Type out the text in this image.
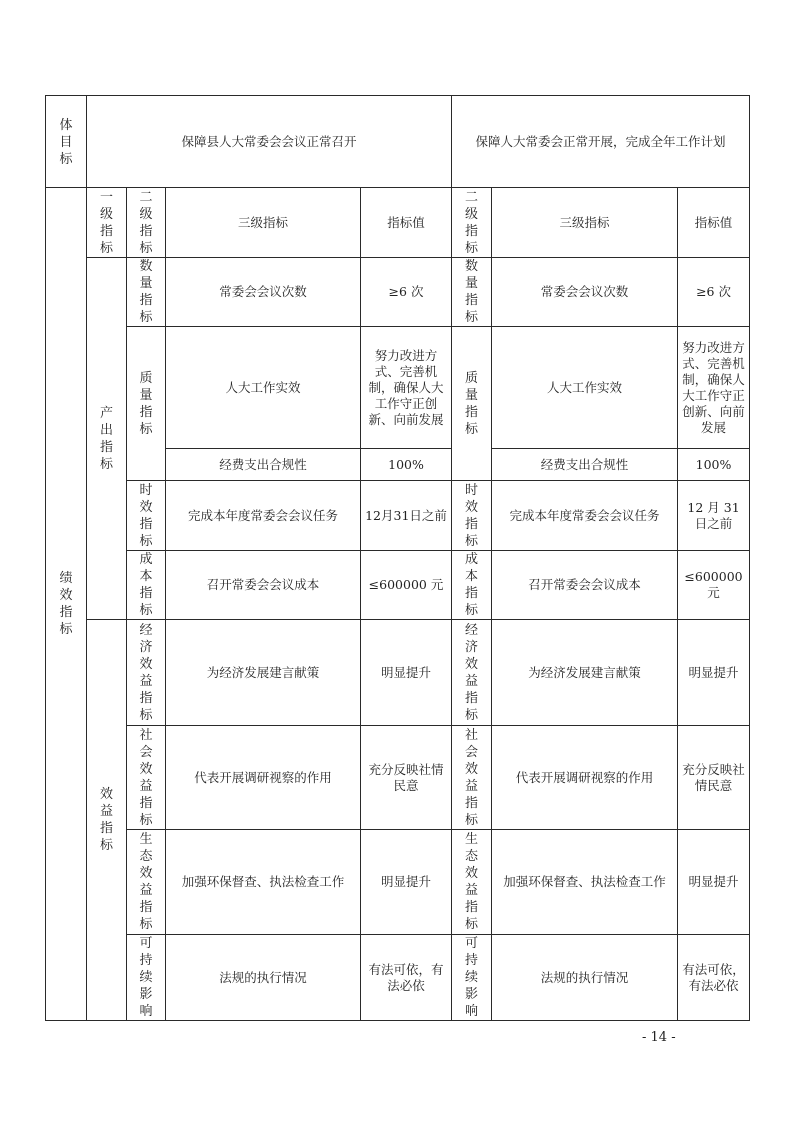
体目标	保障县人大常委会会议正常召开				保障人大常委会正常开展，完成全年工作计划		

绩效指标	一级指标	二级指标	三级指标	指标值	二级指标	三级指标	指标值

	产出指标	数量指标	常委会会议次数	≥6 次	数量指标	常委会会议次数	≥6 次

		质量指标	人大工作实效	努力改进方式、完善机制，确保人大工作守正创新、向前发展	质量指标	人大工作实效	努力改进方式、完善机制，确保人大工作守正创新、向前发展
			经费支出合规性	100%		经费支出合规性	100%

		时效指标	完成本年度常委会会议任务	12月31日之前	时效指标	完成本年度常委会会议任务	12 月 31 日之前

		成本指标	召开常委会会议成本	≤600000 元	成本指标	召开常委会会议成本	≤600000 元

	效益指标	经济效益指标	为经济发展建言献策	明显提升	经济效益指标	为经济发展建言献策	明显提升

		社会效益指标	代表开展调研视察的作用	充分反映社情民意	社会效益指标	代表开展调研视察的作用	充分反映社情民意

		生态效益指标	加强环保督查、执法检查工作	明显提升	生态效益指标	加强环保督查、执法检查工作	明显提升

		可持续影响	法规的执行情况	有法可依，有法必依	可持续影响	法规的执行情况	有法可依，有法必依
- 14 -
